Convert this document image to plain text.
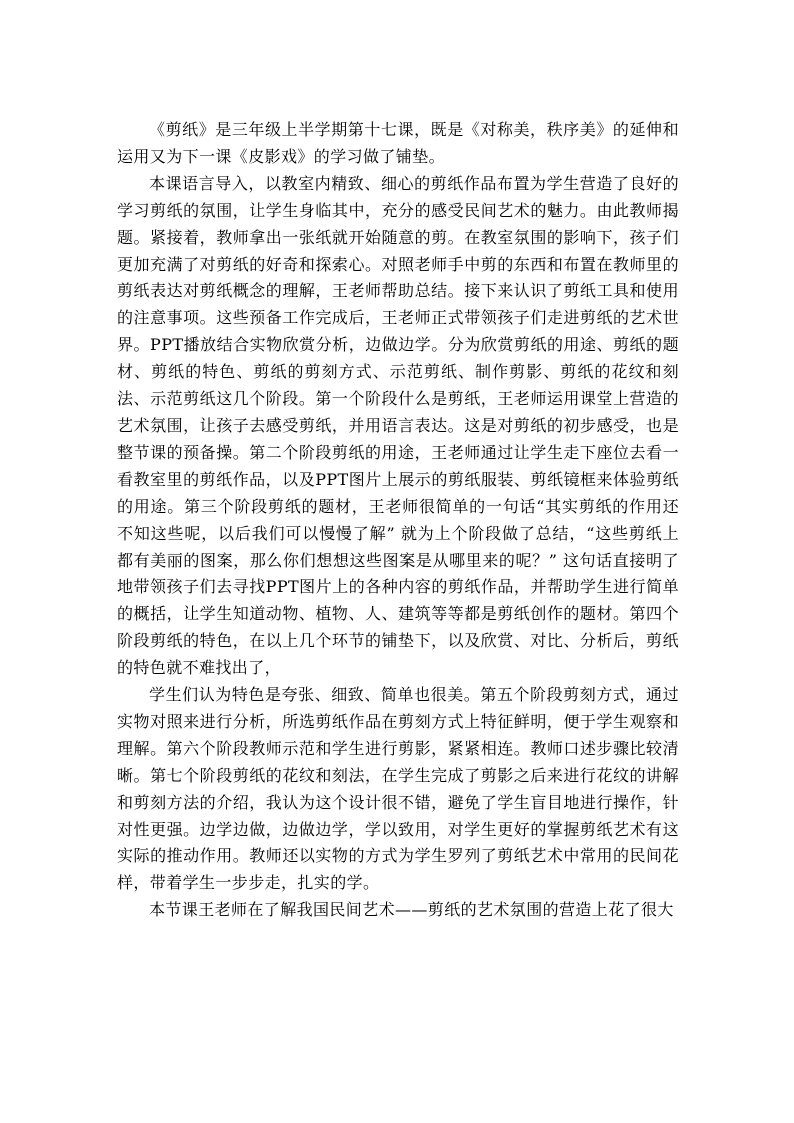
《剪纸》是三年级上半学期第十七课，既是《对称美，秩序美》的延伸和运用又为下一课《皮影戏》的学习做了铺垫。

本课语言导入，以教室内精致、细心的剪纸作品布置为学生营造了良好的学习剪纸的氛围，让学生身临其中，充分的感受民间艺术的魅力。由此教师揭题。紧接着，教师拿出一张纸就开始随意的剪。在教室氛围的影响下，孩子们更加充满了对剪纸的好奇和探索心。对照老师手中剪的东西和布置在教师里的剪纸表达对剪纸概念的理解，王老师帮助总结。接下来认识了剪纸工具和使用的注意事项。这些预备工作完成后，王老师正式带领孩子们走进剪纸的艺术世界。PPT播放结合实物欣赏分析，边做边学。分为欣赏剪纸的用途、剪纸的题材、剪纸的特色、剪纸的剪刻方式、示范剪纸、制作剪影、剪纸的花纹和刻法、示范剪纸这几个阶段。第一个阶段什么是剪纸，王老师运用课堂上营造的艺术氛围，让孩子去感受剪纸，并用语言表达。这是对剪纸的初步感受，也是整节课的预备操。第二个阶段剪纸的用途，王老师通过让学生走下座位去看一看教室里的剪纸作品，以及PPT图片上展示的剪纸服装、剪纸镜框来体验剪纸的用途。第三个阶段剪纸的题材，王老师很简单的一句话“其实剪纸的作用还不知这些呢，以后我们可以慢慢了解” 就为上个阶段做了总结，“这些剪纸上都有美丽的图案，那么你们想想这些图案是从哪里来的呢？” 这句话直接明了地带领孩子们去寻找PPT图片上的各种内容的剪纸作品，并帮助学生进行简单的概括，让学生知道动物、植物、人、建筑等等都是剪纸创作的题材。第四个阶段剪纸的特色，在以上几个环节的铺垫下，以及欣赏、对比、分析后，剪纸的特色就不难找出了，

学生们认为特色是夸张、细致、简单也很美。第五个阶段剪刻方式，通过实物对照来进行分析，所选剪纸作品在剪刻方式上特征鲜明，便于学生观察和理解。第六个阶段教师示范和学生进行剪影，紧紧相连。教师口述步骤比较清晰。第七个阶段剪纸的花纹和刻法，在学生完成了剪影之后来进行花纹的讲解和剪刻方法的介绍，我认为这个设计很不错，避免了学生盲目地进行操作，针对性更强。边学边做，边做边学，学以致用，对学生更好的掌握剪纸艺术有这实际的推动作用。教师还以实物的方式为学生罗列了剪纸艺术中常用的民间花样，带着学生一步步走，扎实的学。

本节课王老师在了解我国民间艺术——剪纸的艺术氛围的营造上花了很大
